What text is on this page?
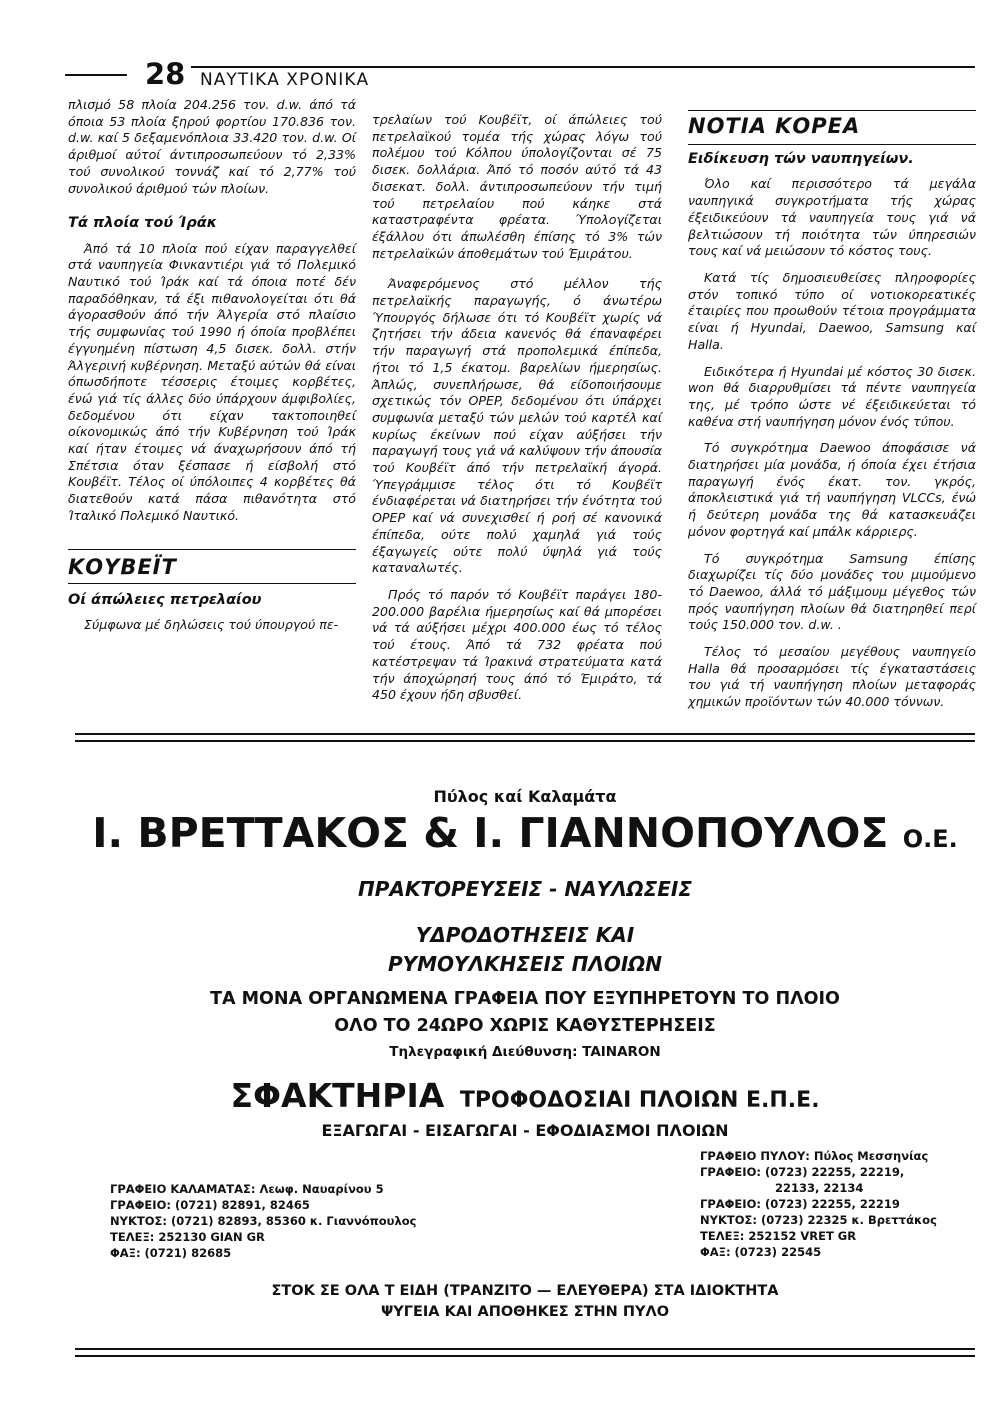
28 ΝΑΥΤΙΚΑ ΧΡΟΝΙΚΑ

πλισμό 58 πλοία 204.256 τον. d.w. άπό τά όποια 53 πλοία ξηρού φορτίου 170.836 τον. d.w. καί 5 δεξαμενόπλοια 33.420 τον. d.w. Οί άριθμοί αύτοί άντιπροσωπεύουν τό 2,33% τού συνολικού τοννάζ καί τό 2,77% τού συνολικού άριθμού τών πλοίων.

Τά πλοία τού Ίράκ

Άπό τά 10 πλοία πού είχαν παραγγελθεί στά ναυπηγεία Φινκαντιέρι γιά τό Πολεμικό Ναυτικό τού Ίράκ καί τά όποια ποτέ δέν παραδόθηκαν, τά έξι πιθανολογείται ότι θά άγορασθούν άπό τήν Άλγερία στό πλαίσιο τής συμφωνίας τού 1990 ή όποία προβλέπει έγγυημένη πίστωση 4,5 δισεκ. δολλ. στήν Άλγεριvή κυβέρνηση. Μεταξύ αύτών θά είναι όπωσδήποτε τέσσερις έτοιμες κορβέτες, ένώ γιά τίς άλλες δύο ύπάρχουν άμφιβολίες, δεδομένου ότι είχαν τακτοποιηθεί οίκονομικώς άπό τήν Κυβέρνηση τού Ίράκ καί ήταν έτοιμες νά άναχωρήσουν άπό τή Σπέτσια όταν ξέσπασε ή είσβολή στό Κουβέϊτ. Τέλος οί ύπόλοιπες 4 κορβέτες θά διατεθούν κατά πάσα πιθανότητα στό Ίταλικό Πολεμικό Ναυτικό.

ΚΟΥΒΕΪΤ
Οί άπώλειες πετρελαίου

Σύμφωνα μέ δηλώσεις τού ύπουργού πε-

τρελαίων τού Κουβέϊτ, οί άπώλειες τού πετρελαϊκού τομέα τής χώρας λόγω τού πολέμου τού Κόλπου ύπολογίζονται σέ 75 δισεκ. δολλάρια. Άπό τό ποσόν αύτό τά 43 δισεκατ. δολλ. άντιπροσωπεύουν τήν τιμή τού πετρελαίου πού κάηκε στά καταστραφέντα φρέατα. Ύπολογίζεται έξάλλου ότι άπωλέσθη έπίσης τό 3% τών πετρελαϊκών άποθεμάτων τού Έμιράτου.

Άναφερόμενος στό μέλλον τής πετρελαϊκής παραγωγής, ό άνωτέρω Ύπουργός δήλωσε ότι τό Κουβέϊτ χωρίς νά ζητήσει τήν άδεια κανενός θά έπαναφέρει τήν παραγωγή στά προπολεμικά έπίπεδα, ήτοι τό 1,5 έκατομ. βαρελίων ήμερησίως. Άπλώς, συνεπλήρωσε, θά είδοποιήσουμε σχετικώς τόν OPEP, δεδομένου ότι ύπάρχει συμφωνία μεταξύ τών μελών τού καρτέλ καί κυρίως έκείνων πού είχαν αύξήσει τήν παραγωγή τους γιά νά καλύψουν τήν άπουσία τού Κουβέϊτ άπό τήν πετρελαϊκή άγορά. Ύπεγράμμισε τέλος ότι τό Κουβέϊτ ένδιαφέρεται νά διατηρήσει τήν ένότητα τού OPEP καί νά συνεχισθεί ή ροή σέ κανονικά έπίπεδα, ούτε πολύ χαμηλά γιά τούς έξαγωγείς ούτε πολύ ύψηλά γιά τούς καταναλωτές.

Πρός τό παρόν τό Κουβέϊτ παράγει 180-200.000 βαρέλια ήμερησίως καί θά μπορέσει νά τά αύξήσει μέχρι 400.000 έως τό τέλος τού έτους. Άπό τά 732 φρέατα πού κατέστρεψαν τά Ίρακινά στρατεύματα κατά τήν άποχώρησή τους άπό τό Έμιράτο, τά 450 έχουν ήδη σβυσθεί.

ΝΟΤΙΑ ΚΟΡΕΑ
Ειδίκευση τών ναυπηγείων.

Όλο καί περισσότερο τά μεγάλα ναυπηγικά συγκροτήματα τής χώρας έξειδικεύουν τά ναυπηγεία τους γιά νά βελτιώσουν τή ποιότητα τών ύπηρεσιών τους καί νά μειώσουν τό κόστος τους.

Κατά τίς δημοσιευθείσες πληροφορίες στόν τοπικό τύπο οί νοτιοκορεατικές έταιρίες που προωθούν τέτοια προγράμματα είναι ή Hyundai, Daewoo, Samsung καί Halla.

Ειδικότερα ή Hyundai μέ κόστος 30 δισεκ. won θά διαρρυθμίσει τά πέντε ναυπηγεία της, μέ τρόπο ώστε νέ έξειδικεύεται τό καθένα στή ναυπήγηση μόνον ένός τύπου.

Τό συγκρότημα Daewoo άποφάσισε νά διατηρήσει μία μονάδα, ή όποία έχει έτήσια παραγωγή ένός έκατ. τον. γκρός, άποκλειστικά γιά τή ναυπήγηση VLCCs, ένώ ή δεύτερη μονάδα της θά κατασκευάζει μόνον φορτηγά καί μπάλκ κάρριερς.

Τό συγκρότημα Samsung έπίσης διαχωρίζει τίς δύο μονάδες του μιμούμενο τό Daewoo, άλλά τό μάξιμουμ μέγεθος τών πρός ναυπήγηση πλοίων θά διατηρηθεί περί τούς 150.000 τον. d.w. .

Τέλος τό μεσαίου μεγέθους ναυπηγείο Halla θά προσαρμόσει τίς έγκαταστάσεις του γιά τή ναυπήγηση πλοίων μεταφοράς χημικών προϊόντων τών 40.000 τόννων.

Πύλος καί Καλαμάτα
Ι. ΒΡΕΤΤΑΚΟΣ & Ι. ΓΙΑΝΝΟΠΟΥΛΟΣ Ο.Ε.
ΠΡΑΚΤΟΡΕΥΣΕΙΣ - ΝΑΥΛΩΣΕΙΣ
ΥΔΡΟΔΟΤΗΣΕΙΣ ΚΑΙ
ΡΥΜΟΥΛΚΗΣΕΙΣ ΠΛΟΙΩΝ
ΤΑ ΜΟΝΑ ΟΡΓΑΝΩΜΕΝΑ ΓΡΑΦΕΙΑ ΠΟΥ ΕΞΥΠΗΡΕΤΟΥΝ ΤΟ ΠΛΟΙΟ
ΟΛΟ ΤΟ 24ΩΡΟ ΧΩΡΙΣ ΚΑΘΥΣΤΕΡΗΣΕΙΣ
Τηλεγραφική Διεύθυνση: TAINARON
ΣΦΑΚΤΗΡΙΑ ΤΡΟΦΟΔΟΣΙΑΙ ΠΛΟΙΩΝ Ε.Π.Ε.
ΕΞΑΓΩΓΑΙ - ΕΙΣΑΓΩΓΑΙ - ΕΦΟΔΙΑΣΜΟΙ ΠΛΟΙΩΝ
ΓΡΑΦΕΙΟ ΚΑΛΑΜΑΤΑΣ: Λεωφ. Ναυαρίνου 5
ΓΡΑΦΕΙΟ: (0721) 82891, 82465
ΝΥΚΤΟΣ: (0721) 82893, 85360 κ. Γιαννόπουλος
ΤΕΛΕΞ: 252130 GIAN GR
ΦΑΞ: (0721) 82685
ΓΡΑΦΕΙΟ ΠΥΛΟΥ: Πύλος Μεσσηνίας
ΓΡΑΦΕΙΟ: (0723) 22255, 22219,
22133, 22134
ΓΡΑΦΕΙΟ: (0723) 22255, 22219
ΝΥΚΤΟΣ: (0723) 22325 κ. Βρεττάκος
ΤΕΛΕΞ: 252152 VRET GR
ΦΑΞ: (0723) 22545
ΣΤΟΚ ΣΕ ΟΛΑ Τ ΕΙΔΗ (ΤΡΑΝΖΙΤΟ — ΕΛΕΥΘΕΡΑ) ΣΤΑ ΙΔΙΟΚΤΗΤΑ
ΨΥΓΕΙΑ ΚΑΙ ΑΠΟΘΗΚΕΣ ΣΤΗΝ ΠΥΛΟ
